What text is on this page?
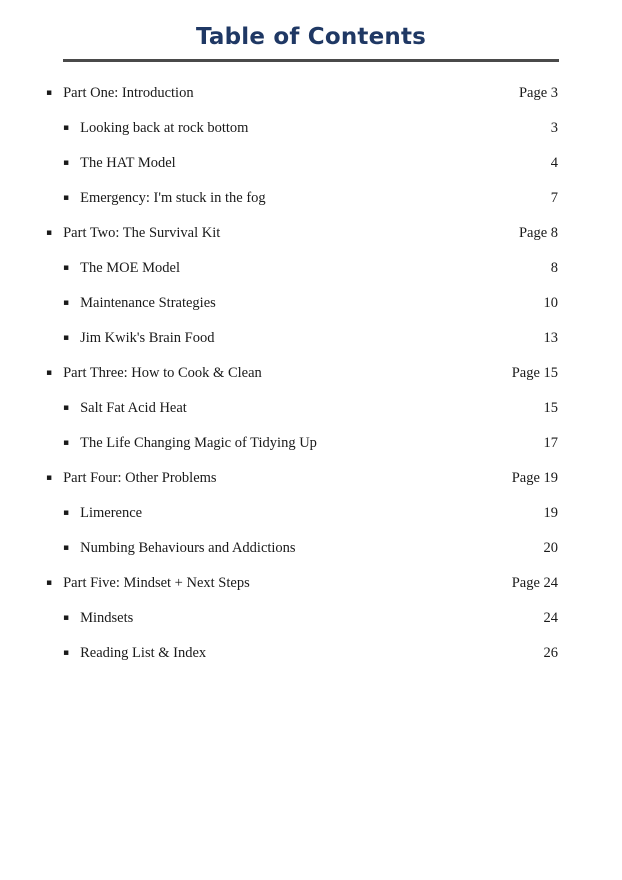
Table of Contents
▪ Part One: Introduction	Page 3
▪ Looking back at rock bottom	3
▪ The HAT Model	4
▪ Emergency: I'm stuck in the fog	7
▪ Part Two: The Survival Kit	Page 8
▪ The MOE Model	8
▪ Maintenance Strategies	10
▪ Jim Kwik's Brain Food	13
▪ Part Three: How to Cook & Clean	Page 15
▪ Salt Fat Acid Heat	15
▪ The Life Changing Magic of Tidying Up	17
▪ Part Four: Other Problems	Page 19
▪ Limerence	19
▪ Numbing Behaviours and Addictions	20
▪ Part Five: Mindset + Next Steps	Page 24
▪ Mindsets	24
▪ Reading List & Index	26
